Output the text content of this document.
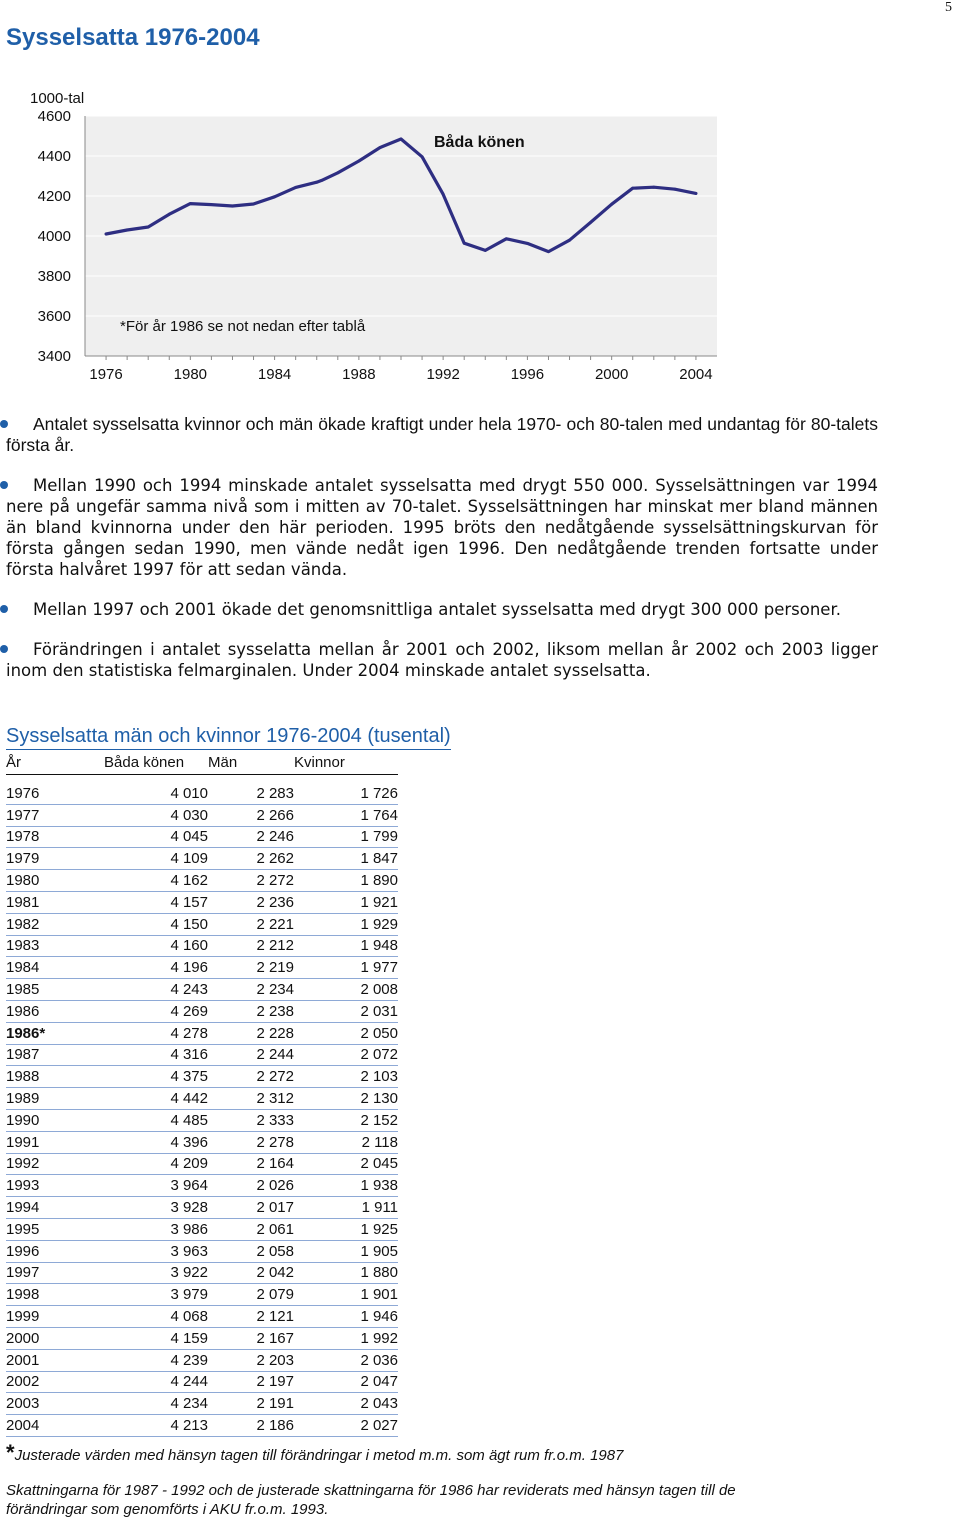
5
Sysselsatta 1976-2004
4600
4400
4200
4000
3800
3600
3400
1976	1980	1984	1988	1992	1996	2000	2004
1000-tal
Båda könen
*För år 1986 se not nedan efter tablå
Antalet sysselsatta kvinnor och män ökade kraftigt under hela 1970- och 80-talen med undantag för 80-talets första år.
Mellan 1990 och 1994 minskade antalet sysselsatta med drygt 550 000. Sysselsättningen var 1994 nere på ungefär samma nivå som i mitten av 70-talet. Sysselsättningen har minskat mer bland männen än bland kvinnorna under den här perioden. 1995 bröts den nedåtgående sysselsättningskurvan för första gången sedan 1990, men vände nedåt igen 1996. Den nedåtgående trenden fortsatte under första halvåret 1997 för att sedan vända.
Mellan 1997 och 2001 ökade det genomsnittliga antalet sysselsatta med drygt 300 000 personer.
Förändringen i antalet sysselatta mellan år 2001 och 2002, liksom mellan år 2002 och 2003 ligger inom den statistiska felmarginalen. Under 2004 minskade antalet sysselsatta.
Sysselsatta män och kvinnor 1976-2004 (tusental)
År	Båda könen	Män	Kvinnor

1976	4 010	2 283	1 726
1977	4 030	2 266	1 764
1978	4 045	2 246	1 799
1979	4 109	2 262	1 847
1980	4 162	2 272	1 890
1981	4 157	2 236	1 921
1982	4 150	2 221	1 929
1983	4 160	2 212	1 948
1984	4 196	2 219	1 977
1985	4 243	2 234	2 008
1986	4 269	2 238	2 031
1986*	4 278	2 228	2 050
1987	4 316	2 244	2 072
1988	4 375	2 272	2 103
1989	4 442	2 312	2 130
1990	4 485	2 333	2 152
1991	4 396	2 278	2 118
1992	4 209	2 164	2 045
1993	3 964	2 026	1 938
1994	3 928	2 017	1 911
1995	3 986	2 061	1 925
1996	3 963	2 058	1 905
1997	3 922	2 042	1 880
1998	3 979	2 079	1 901
1999	4 068	2 121	1 946
2000	4 159	2 167	1 992
2001	4 239	2 203	2 036
2002	4 244	2 197	2 047
2003	4 234	2 191	2 043
2004	4 213	2 186	2 027
*Justerade värden med hänsyn tagen till förändringar i metod m.m. som ägt rum fr.o.m. 1987
Skattningarna för 1987 - 1992 och de justerade skattningarna för 1986 har reviderats med hänsyn tagen till de förändringar som genomförts i AKU fr.o.m. 1993.
